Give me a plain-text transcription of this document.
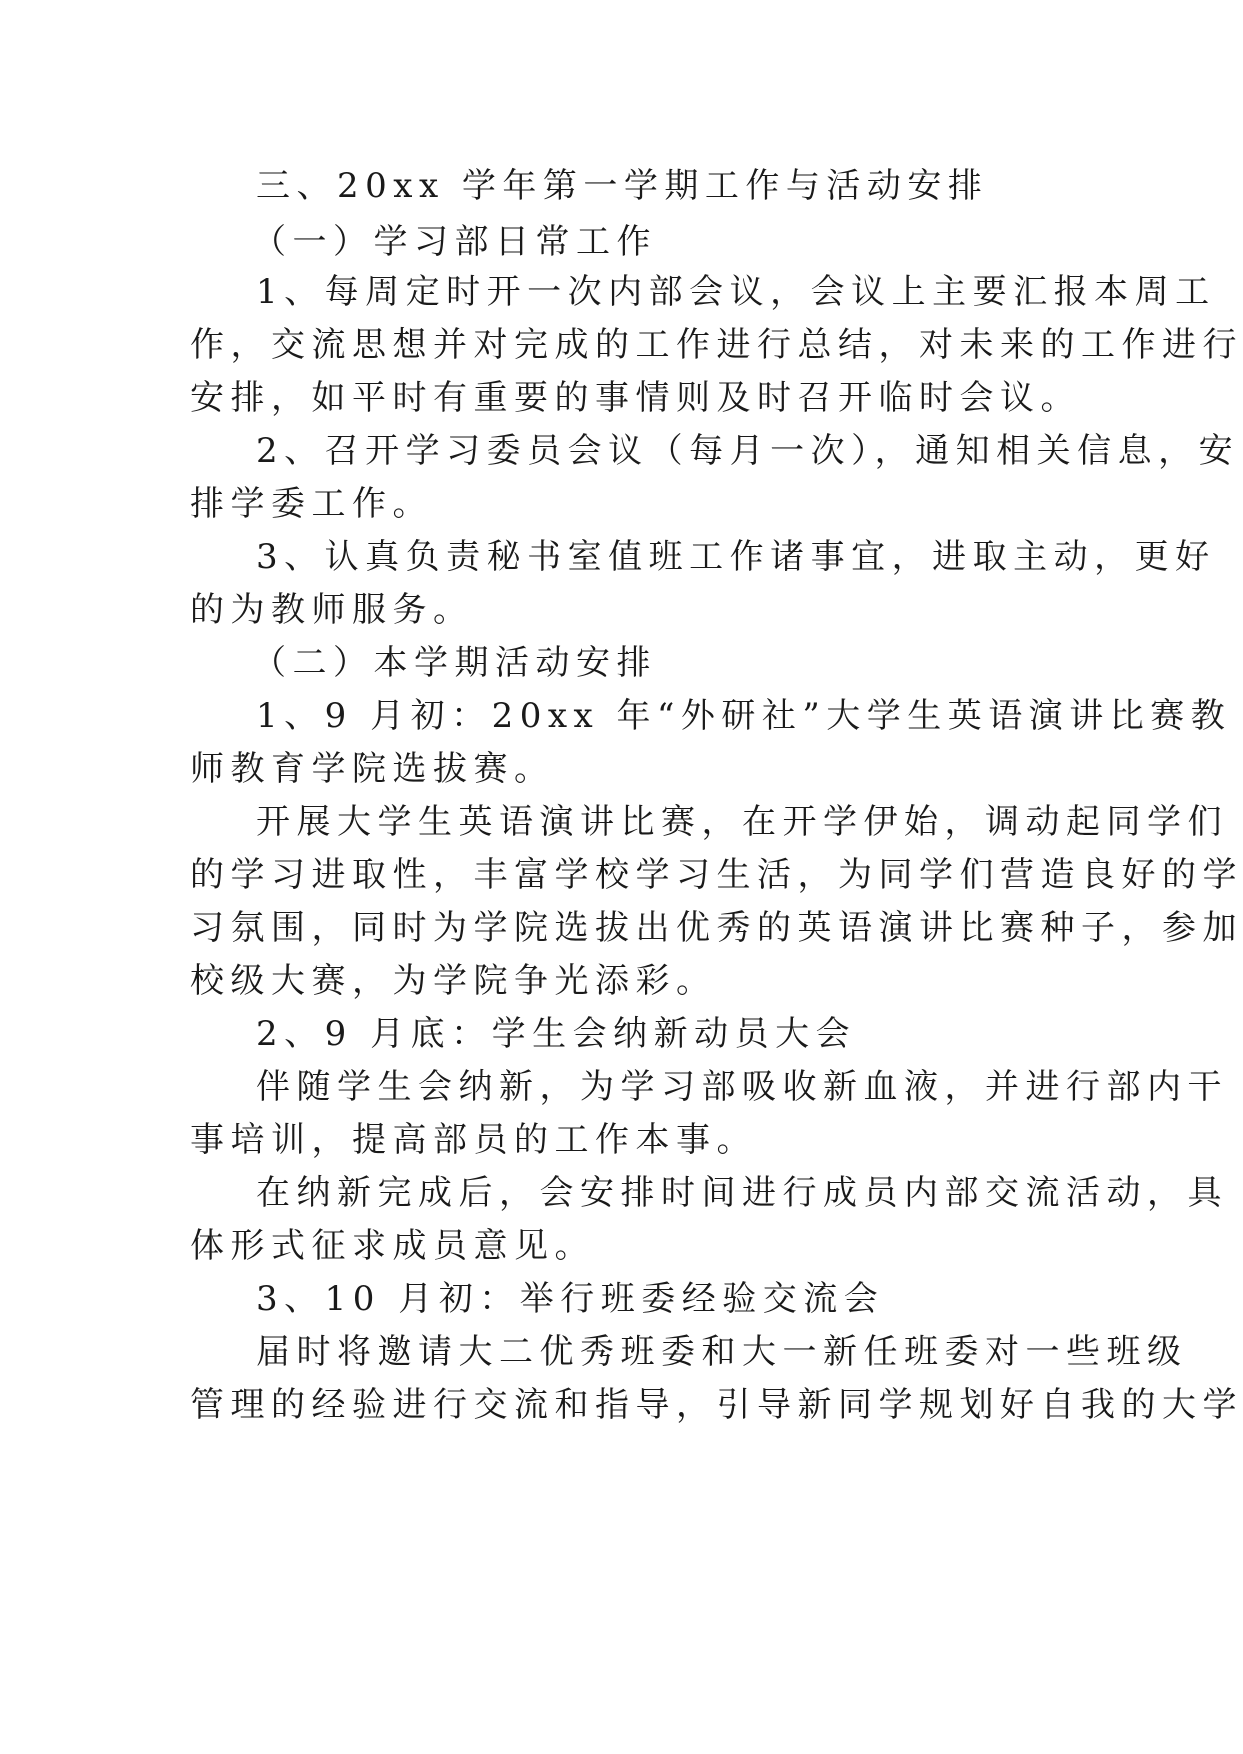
三、20xx 学年第一学期工作与活动安排
（一）学习部日常工作
1、每周定时开一次内部会议，会议上主要汇报本周工
作，交流思想并对完成的工作进行总结，对未来的工作进行
安排，如平时有重要的事情则及时召开临时会议。
2、召开学习委员会议（每月一次），通知相关信息，安
排学委工作。
3、认真负责秘书室值班工作诸事宜，进取主动，更好
的为教师服务。
（二）本学期活动安排
1、9 月初：20xx 年“外研社”大学生英语演讲比赛教
师教育学院选拔赛。
开展大学生英语演讲比赛，在开学伊始，调动起同学们
的学习进取性，丰富学校学习生活，为同学们营造良好的学
习氛围，同时为学院选拔出优秀的英语演讲比赛种子，参加
校级大赛，为学院争光添彩。
2、9 月底：学生会纳新动员大会
伴随学生会纳新，为学习部吸收新血液，并进行部内干
事培训，提高部员的工作本事。
在纳新完成后，会安排时间进行成员内部交流活动，具
体形式征求成员意见。
3、10 月初：举行班委经验交流会
届时将邀请大二优秀班委和大一新任班委对一些班级
管理的经验进行交流和指导，引导新同学规划好自我的大学
